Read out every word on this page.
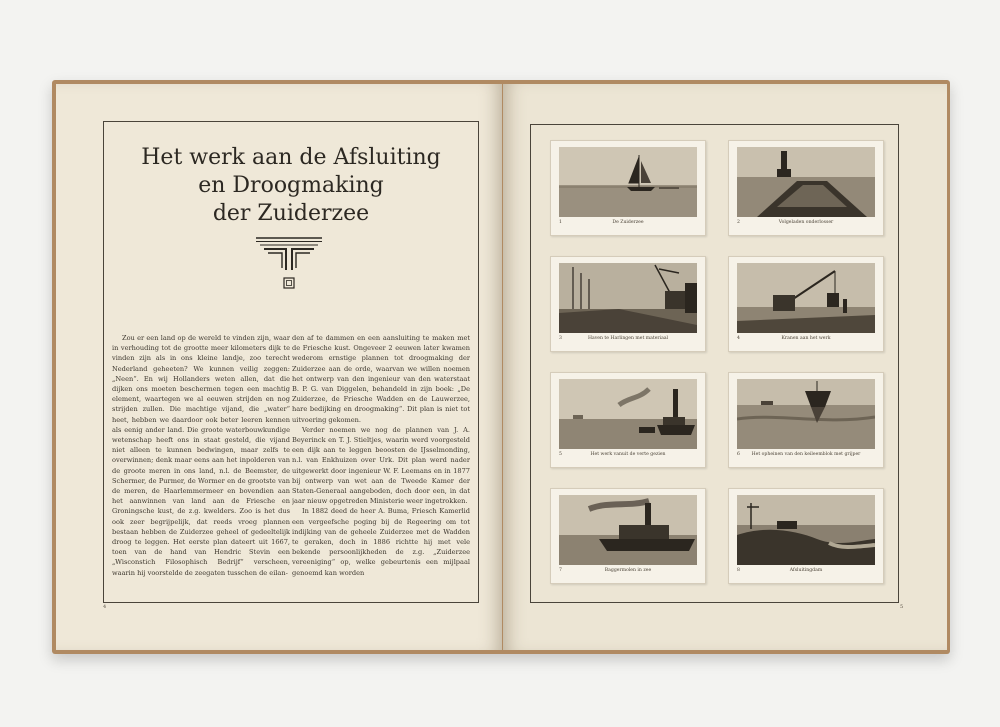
Het werk aan de Afsluiting
en Droogmaking
der Zuiderzee

Zou er een land op de wereld te vinden zijn, waar in verhouding tot de grootte meer kilometers dijk te vinden zijn als in ons kleine landje, zoo terecht Nederland geheeten? We kunnen veilig zeggen: „Neen“. En wij Hollanders weten allen, dat die dijken ons moeten beschermen tegen een machtig element, waartegen we al eeuwen strijden en nog strijden zullen. Die machtige vijand, die „water“ heet, hebben we daardoor ook beter leeren kennen als eenig ander land. Die groote waterbouwkundige wetenschap heeft ons in staat gesteld, die vijand niet alleen te kunnen bedwingen, maar zelfs te overwinnen; denk maar eens aan het inpolderen van de groote meren in ons land, n.l. de Beemster, de Schermer, de Purmer, de Wormer en de grootste van de meren, de Haarlemmermeer en bovendien aan het aanwinnen van land aan de Friesche en Groningsche kust, de z.g. kwelders. Zoo is het dus ook zeer begrijpelijk, dat reeds vroeg plannen bestaan hebben de Zuiderzee geheel of gedeeltelijk droog te leggen. Het eerste plan dateert uit 1667, toen van de hand van Hendric Stevin een „Wisconstich Filosophisch Bedrijf“ verscheen, waarin hij voorstelde de zeegaten tusschen de eilan-

den af te dammen en een aansluiting te maken met de Friesche kust. Ongeveer 2 eeuwen later kwamen wederom ernstige plannen tot droogmaking der Zuiderzee aan de orde, waarvan we willen noemen het ontwerp van den ingenieur van den waterstaat B. P. G. van Diggelen, behandeld in zijn boek: „De Zuiderzee, de Friesche Wadden en de Lauwerzee, hare bedijking en droogmaking“. Dit plan is niet tot uitvoering gekomen.

Verder noemen we nog de plannen van J. A. Beyerinck en T. J. Stieltjes, waarin werd voorgesteld een dijk aan te leggen beoosten de IJsselmonding, n.l. van Enkhuizen over Urk. Dit plan werd nader uitgewerkt door ingenieur W. F. Leemans en in 1877 bij ontwerp van wet aan de Tweede Kamer der Staten-Generaal aangeboden, doch door een, in dat jaar nieuw opgetreden Ministerie weer ingetrokken.

In 1882 deed de heer A. Buma, Friesch Kamerlid een vergeefsche poging bij de Regeering om tot indijking van de geheele Zuiderzee met de Wadden te geraken, doch in 1886 richtte hij met vele bekende persoonlijkheden de z.g. „Zuiderzee vereeniging“ op, welke gebeurtenis een mijlpaal genoemd kan worden

4
1	De Zuiderzee	2	Volgeladen onderlosser
3	Haven te Harlingen met materiaal	4	Kranen aan het werk
5	Het werk vanuit de verte gezien	6	Het opheinen van den keileemblok met grijper
7	Baggermolen in zee	8	Afsluitingdam
5
